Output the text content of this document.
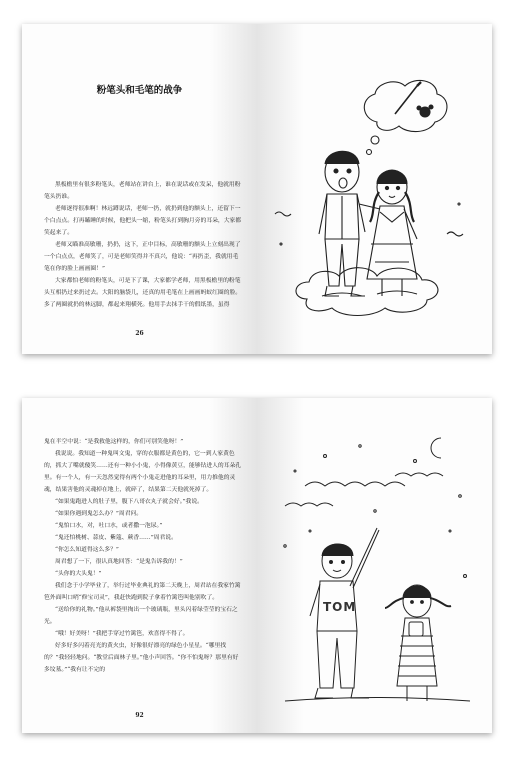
粉笔头和毛笔的战争

黑板檐里有很多粉笔头，老师站在讲台上，谁在说话或在发呆，他就用粉笔头扔谁。

老师逐得很准啊！林远蹲说话，老师一扔，就扔到他的额头上，还留下一个白点点。打再瞌睡的时候，他把头一缩，粉笔头打到胸月旁的耳朵，大家都笑起来了。

老师又瞄准高敏珊，扔扔，这下，正中目标，高敏珊的额头上立刻出现了一个白点点，老师笑了，可是老师笑得并不真兴，他说：“再扔歪，我就用毛笔在你的脸上画画圈！”

大家都怕老师的粉笔头，可是下了课，大家都学老师，用黑板檐里的粉笔头互相扔过来扔过去。大阳的脑袋儿，还真的用毛笔在上画画蚂蚁红圈的脸。多了两圈就扔的林远脚，都起来翔横死。他用手去抹手干的假纸墨，虽得

26

鬼在半空中说：“是我救他这样的，你们可别笑他呀！”

我说说。我知道一种鬼叫文鬼，穿的衣服都是黄色的，它一到人家黄色的，抓大了嘴就傻笑……还有一种小小鬼，小得像黄豆，能够钻进人的耳朵孔里。有一个人，有一天忽然觉得有两个小鬼走进他的耳朵里，用力推他的灵魂，结果害他的灵魂掉在地上，就碎了，结果第二天他就死掉了。

“如果鬼跑进人的肚子里，腹下八哥衣丸子就会好。”我说。

“如果你遇到鬼怎么办？”周君问。

“鬼怕口水，对，吐口水，或者撒一泡尿。”

“鬼还怕桃树、蒜皮、紫蔻、蕨香……”周君说。

“你怎么知道得这么多？”

周君想了一下，很认真地回答：“是鬼告诉我的！”

“头你的大头鬼！”

我们念于小学毕业了，举行过毕业典礼的第二天晚上，周君站在我家竹篱笆外面叫口哨“修宝司灵”，我赶快跑到院子拿着竹篱笆叫他别吹了。

“送给你的礼物。”他从裤袋里掏出一个玻璃瓶，里头闪着绿莹莹的宝石之光。

“哦！好美呀！”我把手穿过竹篱笆，欢喜得不得了。

好多好多闪着亮光的黄火虫，好像很好漂亮的绿色小星星。“哪里找的？”我轻轻地问。“教堂后面林子里。”他小声回答。“你不怕鬼呀？那里有好多坟墓。”“我有让不完的

92
TOM
